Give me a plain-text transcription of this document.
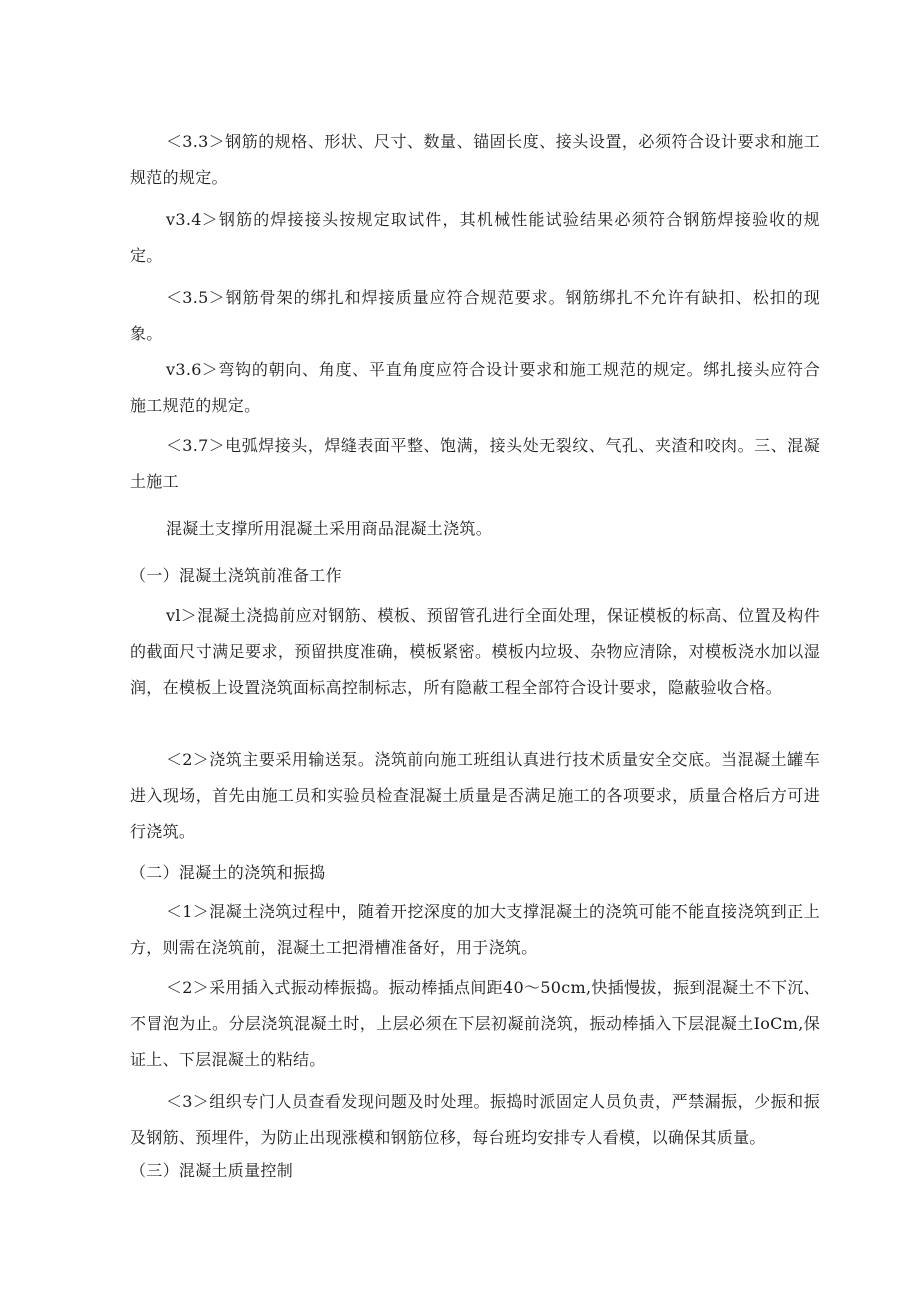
＜3.3＞钢筋的规格、形状、尺寸、数量、锚固长度、接头设置，必须符合设计要求和施工规范的规定。

v3.4＞钢筋的焊接接头按规定取试件，其机械性能试验结果必须符合钢筋焊接验收的规定。

＜3.5＞钢筋骨架的绑扎和焊接质量应符合规范要求。钢筋绑扎不允许有缺扣、松扣的现象。

v3.6＞弯钩的朝向、角度、平直角度应符合设计要求和施工规范的规定。绑扎接头应符合施工规范的规定。

＜3.7＞电弧焊接头，焊缝表面平整、饱满，接头处无裂纹、气孔、夹渣和咬肉。三、混凝土施工

混凝土支撑所用混凝土采用商品混凝土浇筑。

（一）混凝土浇筑前准备工作

vl＞混凝土浇捣前应对钢筋、模板、预留管孔进行全面处理，保证模板的标高、位置及构件的截面尺寸满足要求，预留拱度准确，模板紧密。模板内垃圾、杂物应清除，对模板浇水加以湿润，在模板上设置浇筑面标高控制标志，所有隐蔽工程全部符合设计要求，隐蔽验收合格。

＜2＞浇筑主要采用输送泵。浇筑前向施工班组认真进行技术质量安全交底。当混凝土罐车进入现场，首先由施工员和实验员检查混凝土质量是否满足施工的各项要求，质量合格后方可进行浇筑。

（二）混凝土的浇筑和振捣

＜1＞混凝土浇筑过程中，随着开挖深度的加大支撑混凝土的浇筑可能不能直接浇筑到正上方，则需在浇筑前，混凝土工把滑槽准备好，用于浇筑。

＜2＞采用插入式振动棒振捣。振动棒插点间距40～50cm,快插慢拔，振到混凝土不下沉、不冒泡为止。分层浇筑混凝土时，上层必须在下层初凝前浇筑，振动棒插入下层混凝土IoCm,保证上、下层混凝土的粘结。

＜3＞组织专门人员查看发现问题及时处理。振捣时派固定人员负责，严禁漏振，少振和振及钢筋、预埋件，为防止出现涨模和钢筋位移，每台班均安排专人看模，以确保其质量。

（三）混凝土质量控制
